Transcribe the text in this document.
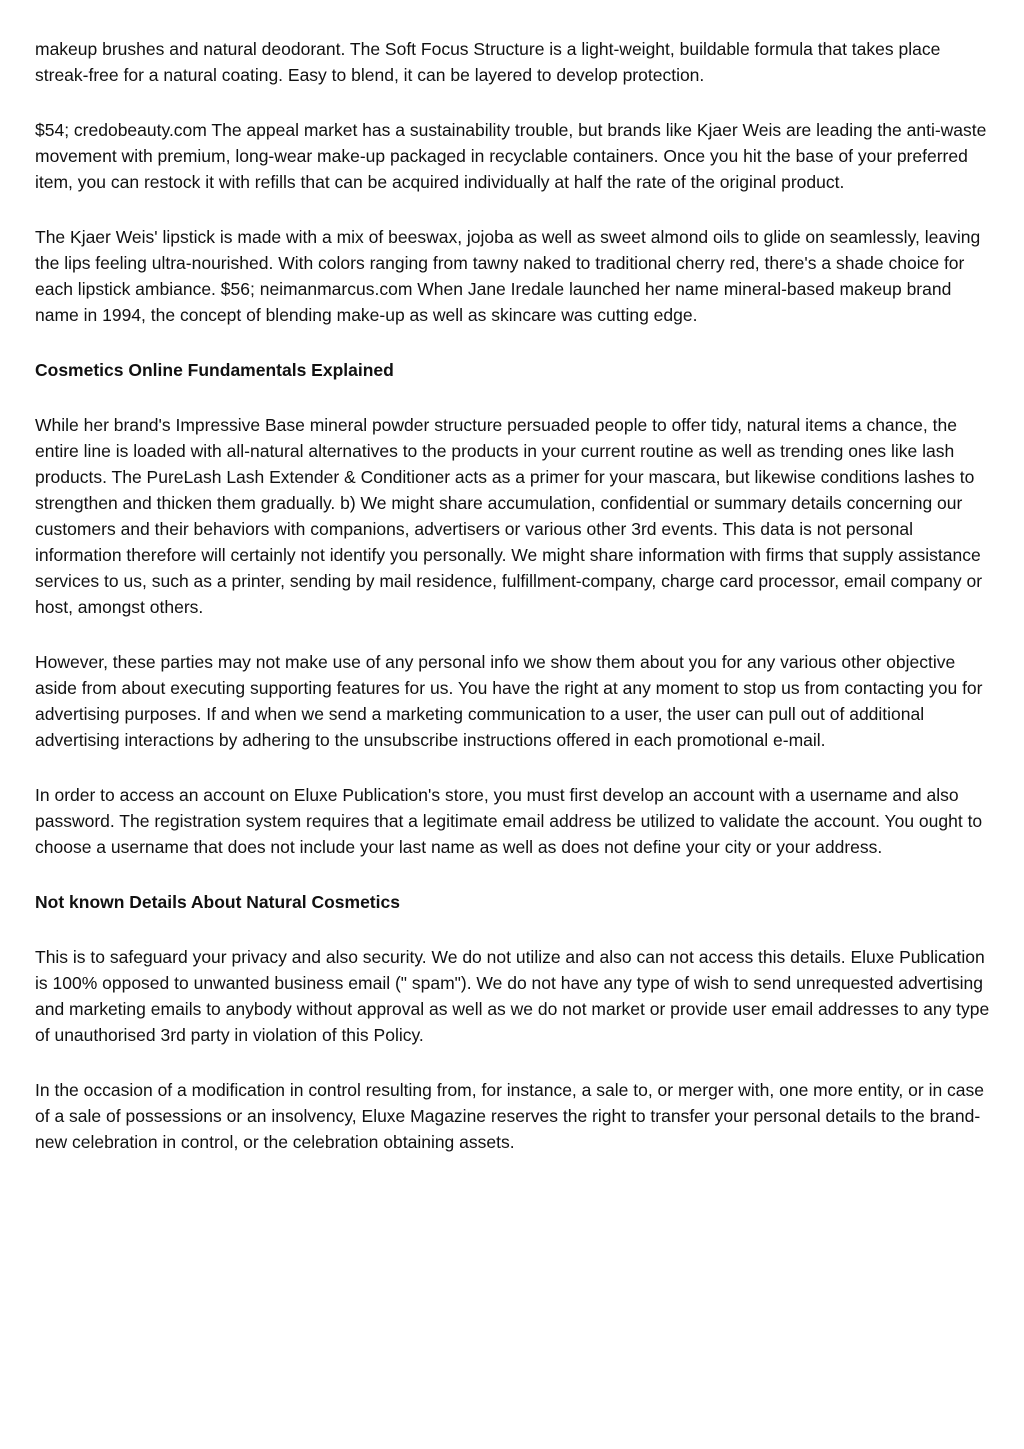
makeup brushes and natural deodorant. The Soft Focus Structure is a light-weight, buildable formula that takes place streak-free for a natural coating. Easy to blend, it can be layered to develop protection.

$54; credobeauty.com The appeal market has a sustainability trouble, but brands like Kjaer Weis are leading the anti-waste movement with premium, long-wear make-up packaged in recyclable containers. Once you hit the base of your preferred item, you can restock it with refills that can be acquired individually at half the rate of the original product.

The Kjaer Weis' lipstick is made with a mix of beeswax, jojoba as well as sweet almond oils to glide on seamlessly, leaving the lips feeling ultra-nourished. With colors ranging from tawny naked to traditional cherry red, there's a shade choice for each lipstick ambiance. $56; neimanmarcus.com When Jane Iredale launched her name mineral-based makeup brand name in 1994, the concept of blending make-up as well as skincare was cutting edge.

Cosmetics Online Fundamentals Explained

While her brand's Impressive Base mineral powder structure persuaded people to offer tidy, natural items a chance, the entire line is loaded with all-natural alternatives to the products in your current routine as well as trending ones like lash products. The PureLash Lash Extender & Conditioner acts as a primer for your mascara, but likewise conditions lashes to strengthen and thicken them gradually. b) We might share accumulation, confidential or summary details concerning our customers and their behaviors with companions, advertisers or various other 3rd events. This data is not personal information therefore will certainly not identify you personally. We might share information with firms that supply assistance services to us, such as a printer, sending by mail residence, fulfillment-company, charge card processor, email company or host, amongst others.

However, these parties may not make use of any personal info we show them about you for any various other objective aside from about executing supporting features for us. You have the right at any moment to stop us from contacting you for advertising purposes. If and when we send a marketing communication to a user, the user can pull out of additional advertising interactions by adhering to the unsubscribe instructions offered in each promotional e-mail.

In order to access an account on Eluxe Publication's store, you must first develop an account with a username and also password. The registration system requires that a legitimate email address be utilized to validate the account. You ought to choose a username that does not include your last name as well as does not define your city or your address.

Not known Details About Natural Cosmetics

This is to safeguard your privacy and also security. We do not utilize and also can not access this details. Eluxe Publication is 100% opposed to unwanted business email (" spam"). We do not have any type of wish to send unrequested advertising and marketing emails to anybody without approval as well as we do not market or provide user email addresses to any type of unauthorised 3rd party in violation of this Policy.

In the occasion of a modification in control resulting from, for instance, a sale to, or merger with, one more entity, or in case of a sale of possessions or an insolvency, Eluxe Magazine reserves the right to transfer your personal details to the brand-new celebration in control, or the celebration obtaining assets.
